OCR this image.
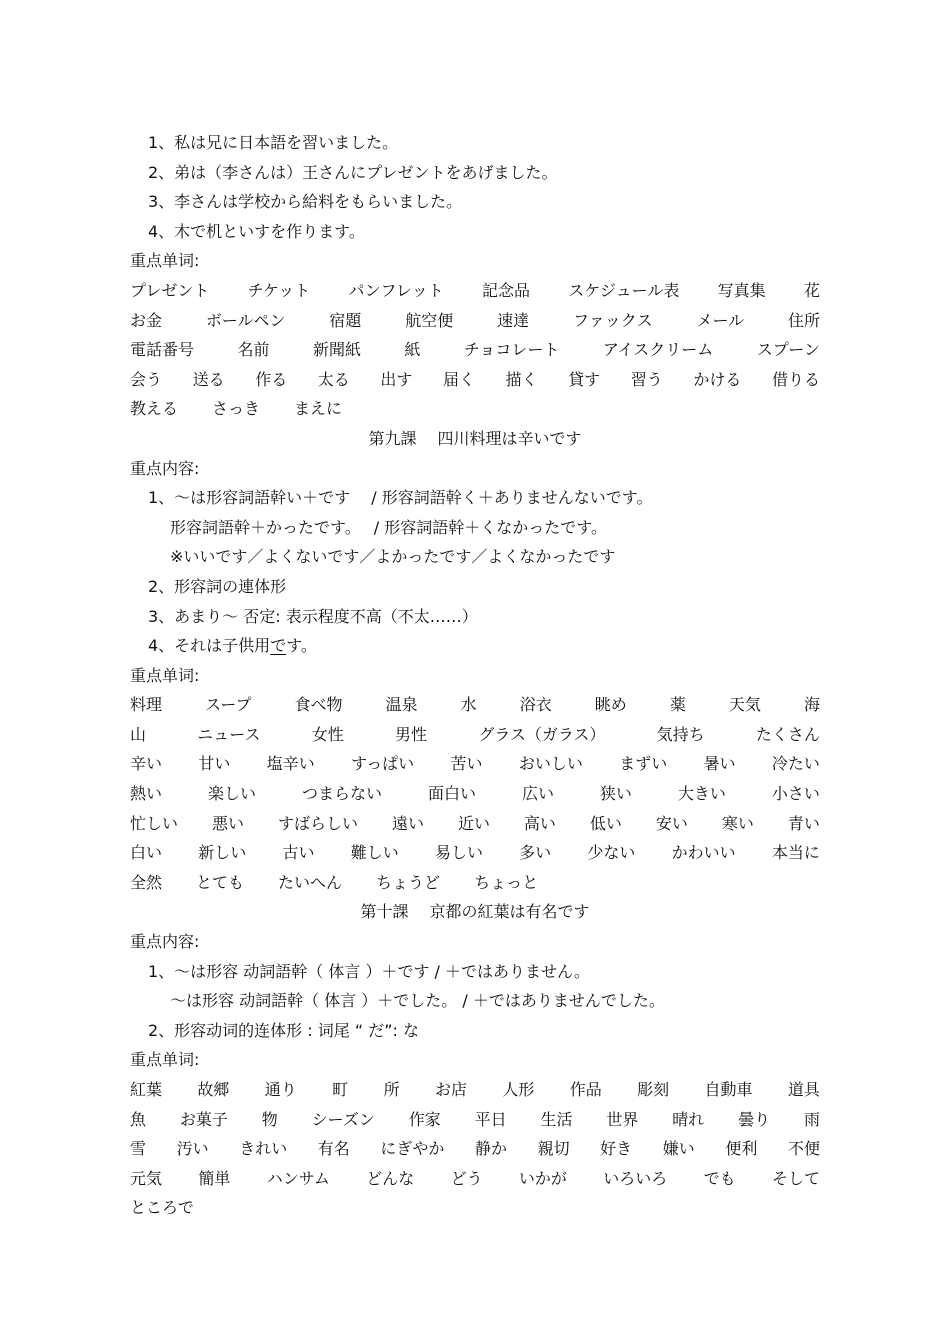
1、私は兄に日本語を習いました。
2、弟は（李さんは）王さんにプレゼントをあげました。
3、李さんは学校から給料をもらいました。
4、木で机といすを作ります。
重点单词:
プレゼント チケット パンフレット 記念品 スケジュール表 写真集 花
お金	ボールペン	宿題	航空便	速達	ファックス	メール	住所
電話番号	名前	新聞紙	紙	チョコレート	アイスクリーム	スプーン
会う 送る 作る 太る 出す 届く 描く 貸す 習う かける 借りる
教える さっき まえに
第九課　 四川料理は辛いです
重点内容:
1、〜は形容詞語幹い＋です　 / 形容詞語幹く＋ありませんないです。
形容詞語幹＋かったです。　 / 形容詞語幹＋くなかったです。
※いいです／よくないです／よかったです／よくなかったです
2、形容詞の連体形
3、あまり〜 否定: 表示程度不高（不太……）
4、それは子供用です。
重点单词:
料理	スープ	食べ物	温泉	水	浴衣	眺め	薬	天気	海
山	ニュース	女性	男性	グラス（ガラス）	気持ち	たくさん
辛い 甘い 塩辛い すっぱい 苦い おいしい まずい 暑い 冷たい
熱い	楽しい	つまらない	面白い	広い	狭い	大きい	小さい
忙しい 悪い すばらしい 遠い 近い 高い 低い 安い 寒い 青い
白い 新しい 古い 難しい 易しい 多い 少ない かわいい 本当に
全然 とても たいへん ちょうど ちょっと
第十課　 京都の紅葉は有名です
重点内容:
1、〜は形容 动詞語幹（ 体言 ）＋です / ＋ではありません。
〜は形容 动詞語幹（ 体言 ）＋でした。 / ＋ではありませんでした。
2、形容动词的连体形 : 词尾 “ だ”: な
重点单词:
紅葉 故郷 通り 町 所 お店 人形 作品 彫刻 自動車 道具
魚 お菓子 物 シーズン 作家 平日 生活 世界 晴れ 曇り 雨
雪 汚い きれい 有名 にぎやか 静か 親切 好き 嫌い 便利 不便
元気 簡単 ハンサム どんな どう いかが いろいろ でも そして
ところで
